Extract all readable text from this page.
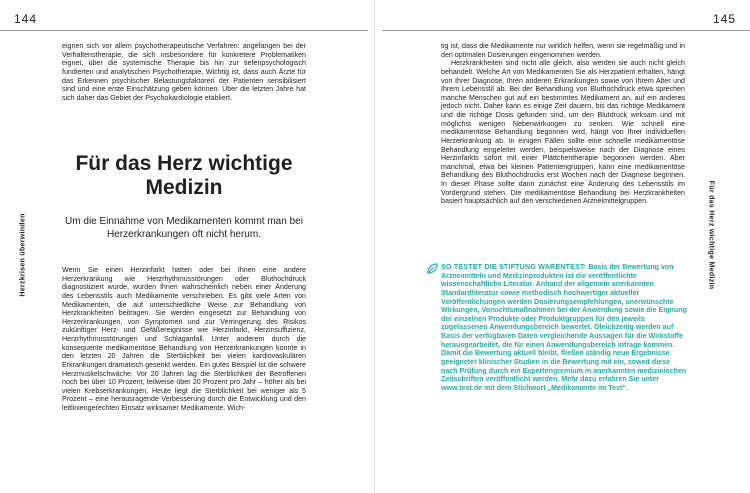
144	145
Herzkrisen überwinden	Für das Herz wichtige Medizin

eignen sich vor allem psychotherapeutische Verfahren: angefangen bei der Verhaltenstherapie, die sich insbesondere für konkretere Problematiken eignet, über die systemische Therapie bis hin zur tiefenpsychologisch fundierten und analytischen Psychotherapie. Wichtig ist, dass auch Ärzte für das Erkennen psychischer Belastungsfaktoren der Patienten sensibilisiert sind und eine erste Einschätzung geben können. Über die letzten Jahre hat sich daher das Gebiet der Psychokardiologie etabliert.

Für das Herz wichtige Medizin
Um die Einnahme von Medikamenten kommt man bei Herzerkrankungen oft nicht herum.

Wenn Sie einen Herzinfarkt hatten oder bei Ihnen eine andere Herzerkrankung wie Herzrhythmusstörungen oder Bluthochdruck diagnostiziert wurde, wurden Ihnen wahrscheinlich neben einer Änderung des Lebensstils auch Medikamente verschrieben. Es gibt viele Arten von Medikamenten, die auf unterschiedliche Weise zur Behandlung von Herzkrankheiten beitragen. Sie werden eingesetzt zur Behandlung von Herzerkrankungen, von Symptomen und zur Verringerung des Risikos zukünftiger Herz- und Gefäßereignisse wie Herzinfarkt, Herzinsuffizienz, Herzrhythmusstörungen und Schlaganfall. Unter anderem durch die konsequente medikamentöse Behandlung von Herzerkrankungen konnte in den letzten 20 Jahren die Sterblichkeit bei vielen kardiovaskulären Erkrankungen dramatisch gesenkt werden. Ein gutes Beispiel ist die schwere Herzmuskelschwäche. Vor 20 Jahren lag die Sterblichkeit der Betroffenen noch bei über 10 Prozent, teilweise über 20 Prozent pro Jahr – höher als bei vielen Krebserkrankungen. Heute liegt die Sterblichkeit bei weniger als 5 Prozent – eine herausragende Verbesserung durch die Entwicklung und den leitliniengerechten Einsatz wirksamer Medikamente. Wich-

tig ist, dass die Medikamente nur wirklich helfen, wenn sie regelmäßig und in den optimalen Dosierungen eingenommen werden.

Herzkrankheiten sind nicht alle gleich, also werden sie auch nicht gleich behandelt. Welche Art von Medikamenten Sie als Herzpatient erhalten, hängt von Ihrer Diagnose, Ihren anderen Erkrankungen sowie von Ihrem Alter und Ihrem Lebensstil ab. Bei der Behandlung von Bluthochdruck etwa sprechen manche Menschen gut auf ein bestimmtes Medikament an, auf ein anderes jedoch nicht. Daher kann es einige Zeit dauern, bis das richtige Medikament und die richtige Dosis gefunden sind, um den Blutdruck wirksam und mit möglichst wenigen Nebenwirkungen zu senken. Wie schnell eine medikamentöse Behandlung begonnen wird, hängt von Ihrer individuellen Herzerkrankung ab. In einigen Fällen sollte eine schnelle medikamentöse Behandlung eingeleitet werden, beispielsweise nach der Diagnose eines Herzinfarkts sofort mit einer Plättchentherapie begonnen werden. Aber manchmal, etwa bei kleinen Patientengruppen, kann eine medikamentöse Behandlung des Bluthochdrucks erst Wochen nach der Diagnose beginnen. In dieser Phase sollte dann zunächst eine Änderung des Lebensstils im Vordergrund stehen. Die medikamentöse Behandlung bei Herzkrankheiten basiert hauptsächlich auf den verschiedenen Arzneimittelgruppen.

SO TESTET DIE STIFTUNG WARENTEST: Basis der Bewertung von Arzneimitteln und Medizinprodukten ist die veröffentlichte wissenschaftliche Literatur. Anhand der allgemein anerkannten Standardliteratur sowie methodisch hochwertiger aktueller Veröffentlichungen werden Dosierungsempfehlungen, unerwünschte Wirkungen, Vorsichtsmaßnahmen bei der Anwendung sowie die Eignung der einzelnen Produkte oder Produktgruppen für den jeweils zugelassenen Anwendungsbereich bewertet. Gleichzeitig werden auf Basis der verfügbaren Daten vergleichende Aussagen für die Wirkstoffe herausgearbeitet, die für einen Anwendungsbereich infrage kommen. Damit die Bewertung aktuell bleibt, fließen ständig neue Ergebnisse geeigneter klinischer Studien in die Bewertung mit ein, soweit diese nach Prüfung durch ein Expertengremium in anerkannten medizinischen Zeitschriften veröffentlicht werden. Mehr dazu erfahren Sie unter www.test.de mit dem Stichwort „Medikamente im Test“.
